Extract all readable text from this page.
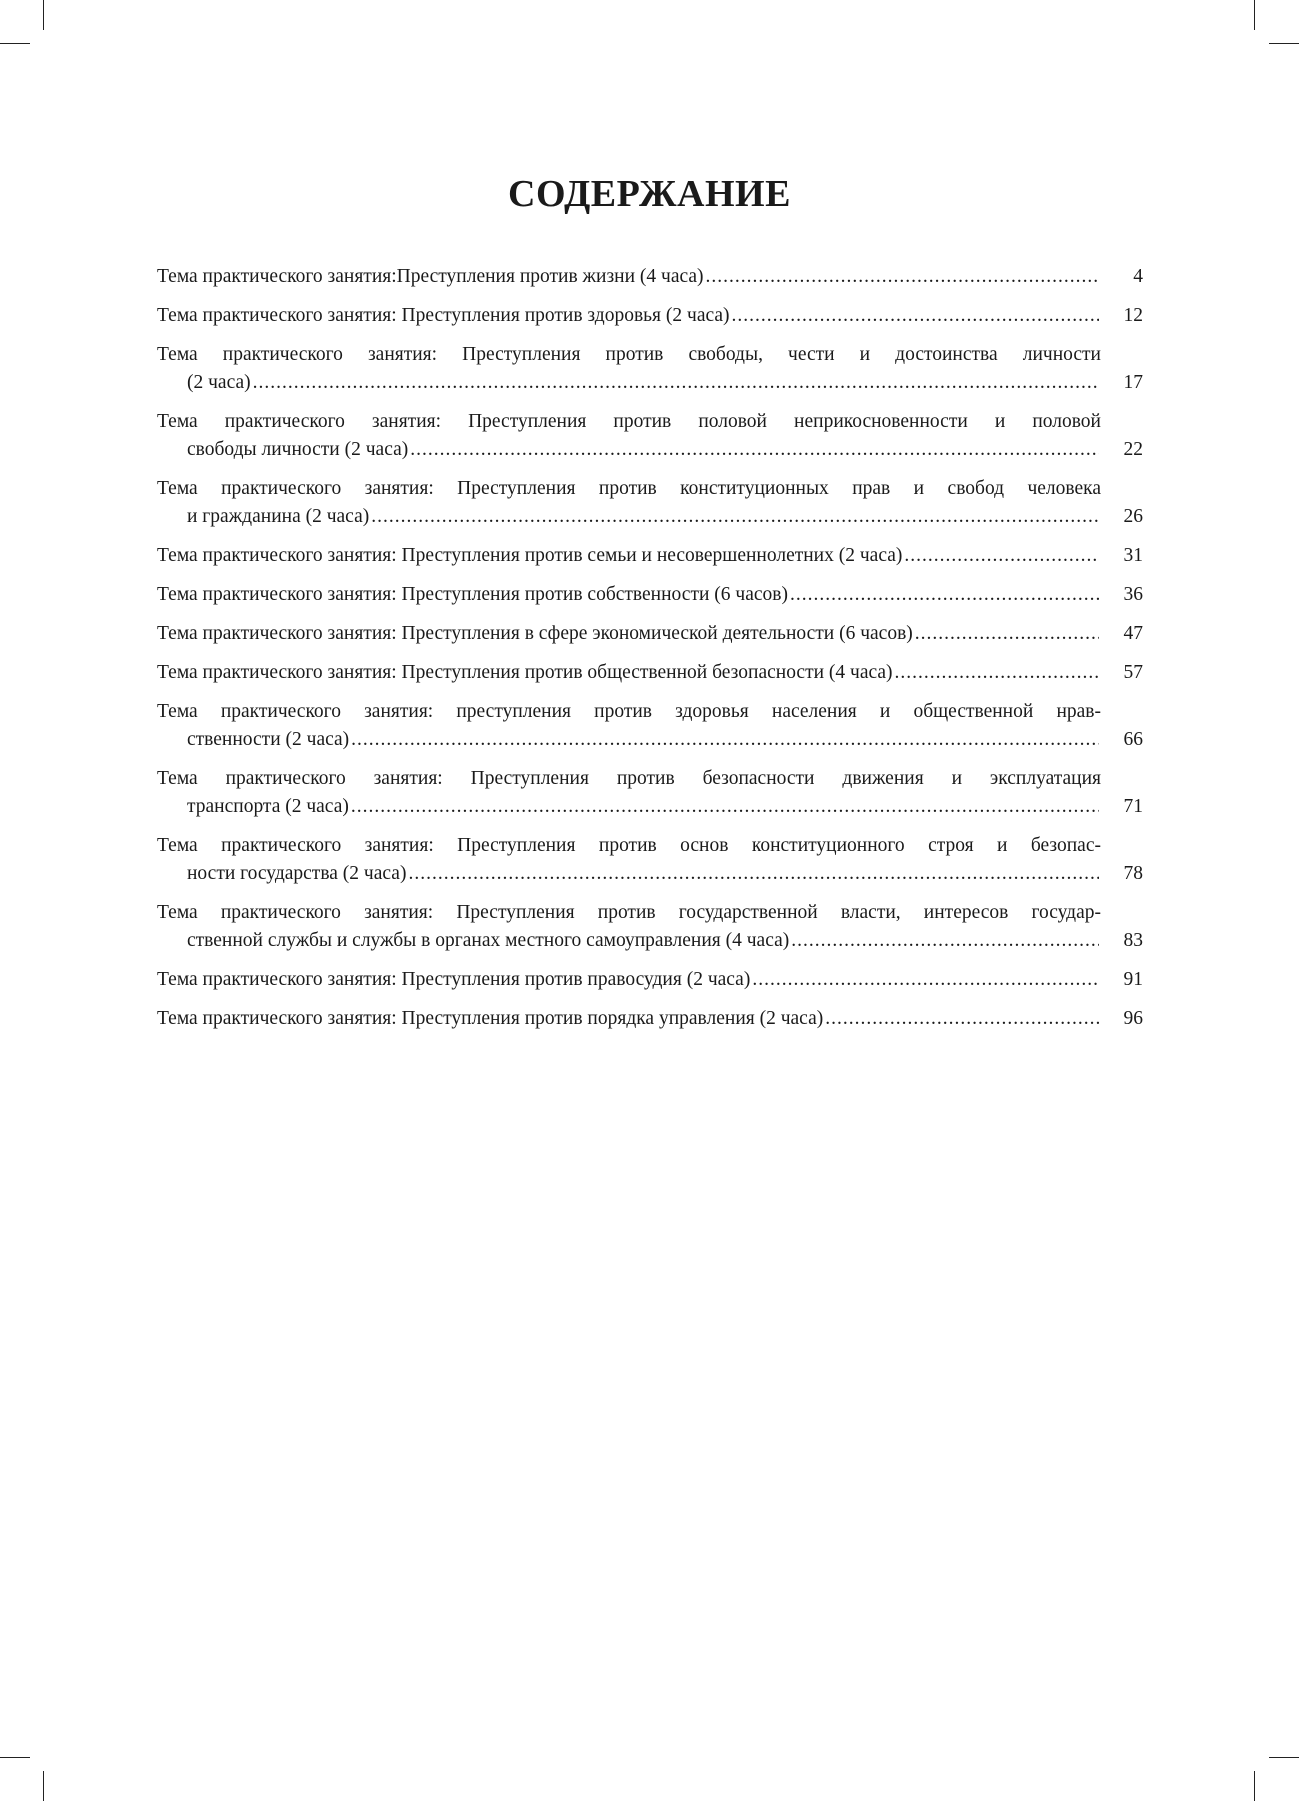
СОДЕРЖАНИЕ
Тема практического занятия:Преступления против жизни (4 часа) .....	4
Тема практического занятия: Преступления против здоровья (2 часа) .....	12
Тема практического занятия: Преступления против свободы, чести и достоинства личности
(2 часа) .....	17
Тема практического занятия: Преступления против половой неприкосновенности и половой
свободы личности (2 часа) .....	22
Тема практического занятия: Преступления против конституционных прав и свобод человека
и гражданина (2 часа) .....	26
Тема практического занятия: Преступления против семьи и несовершеннолетних (2 часа) .....	31
Тема практического занятия: Преступления против собственности (6 часов) .....	36
Тема практического занятия: Преступления в сфере экономической деятельности (6 часов) .....	47
Тема практического занятия: Преступления против общественной безопасности (4 часа) .....	57
Тема практического занятия: преступления против здоровья населения и общественной нрав-
ственности (2 часа) .....	66
Тема практического занятия: Преступления против безопасности движения и эксплуатация
транспорта (2 часа) .....	71
Тема практического занятия: Преступления против основ конституционного строя и безопас-
ности государства (2 часа) .....	78
Тема практического занятия: Преступления против государственной власти, интересов государ-
ственной службы и службы в органах местного самоуправления (4 часа) .....	83
Тема практического занятия: Преступления против правосудия (2 часа) .....	91
Тема практического занятия: Преступления против порядка управления (2 часа) .....	96
